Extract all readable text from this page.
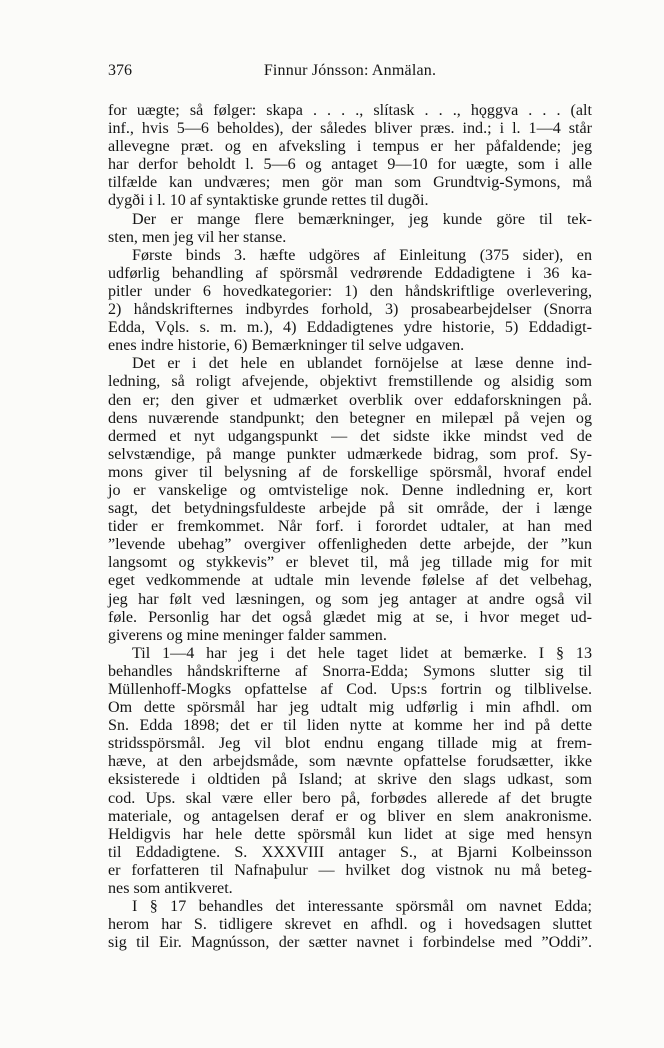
376	Finnur Jónsson: Anmälan.

for uægte; så følger: skapa . . . ., slítask . . ., hǫggva . . . (alt
inf., hvis 5—6 beholdes), der således bliver præs. ind.; i l. 1—4 står
allevegne præt. og en afveksling i tempus er her påfaldende; jeg
har derfor beholdt l. 5—6 og antaget 9—10 for uægte, som i alle
tilfælde kan undværes; men gör man som Grundtvig-Symons, må
dygði i l. 10 af syntaktiske grunde rettes til dugði.

Der er mange flere bemærkninger, jeg kunde göre til tek-
sten, men jeg vil her stanse.

Første binds 3. hæfte udgöres af Einleitung (375 sider), en
udførlig behandling af spörsmål vedrørende Eddadigtene i 36 ka-
pitler under 6 hovedkategorier: 1) den håndskriftlige overlevering,
2) håndskrifternes indbyrdes forhold, 3) prosabearbejdelser (Snorra
Edda, Vǫls. s. m. m.), 4) Eddadigtenes ydre historie, 5) Eddadigt-
enes indre historie, 6) Bemærkninger til selve udgaven.

Det er i det hele en ublandet fornöjelse at læse denne ind-
ledning, så roligt afvejende, objektivt fremstillende og alsidig som
den er; den giver et udmærket overblik over eddaforskningen på.
dens nuværende standpunkt; den betegner en milepæl på vejen og
dermed et nyt udgangspunkt — det sidste ikke mindst ved de
selvstændige, på mange punkter udmærkede bidrag, som prof. Sy-
mons giver til belysning af de forskellige spörsmål, hvoraf endel
jo er vanskelige og omtvistelige nok. Denne indledning er, kort
sagt, det betydningsfuldeste arbejde på sit område, der i længe
tider er fremkommet. Når forf. i forordet udtaler, at han med
”levende ubehag” overgiver offenligheden dette arbejde, der ”kun
langsomt og stykkevis” er blevet til, må jeg tillade mig for mit
eget vedkommende at udtale min levende følelse af det velbehag,
jeg har følt ved læsningen, og som jeg antager at andre også vil
føle. Personlig har det også glædet mig at se, i hvor meget ud-
giverens og mine meninger falder sammen.

Til 1—4 har jeg i det hele taget lidet at bemærke. I § 13
behandles håndskrifterne af Snorra-Edda; Symons slutter sig til
Müllenhoff-Mogks opfattelse af Cod. Ups:s fortrin og tilblivelse.
Om dette spörsmål har jeg udtalt mig udførlig i min afhdl. om
Sn. Edda 1898; det er til liden nytte at komme her ind på dette
stridsspörsmål. Jeg vil blot endnu engang tillade mig at frem-
hæve, at den arbejdsmåde, som nævnte opfattelse forudsætter, ikke
eksisterede i oldtiden på Island; at skrive den slags udkast, som
cod. Ups. skal være eller bero på, forbødes allerede af det brugte
materiale, og antagelsen deraf er og bliver en slem anakronisme.
Heldigvis har hele dette spörsmål kun lidet at sige med hensyn
til Eddadigtene. S. XXXVIII antager S., at Bjarni Kolbeinsson
er forfatteren til Nafnaþulur — hvilket dog vistnok nu må beteg-
nes som antikveret.

I § 17 behandles det interessante spörsmål om navnet Edda;
herom har S. tidligere skrevet en afhdl. og i hovedsagen sluttet
sig til Eir. Magnússon, der sætter navnet i forbindelse med ”Oddi”.
